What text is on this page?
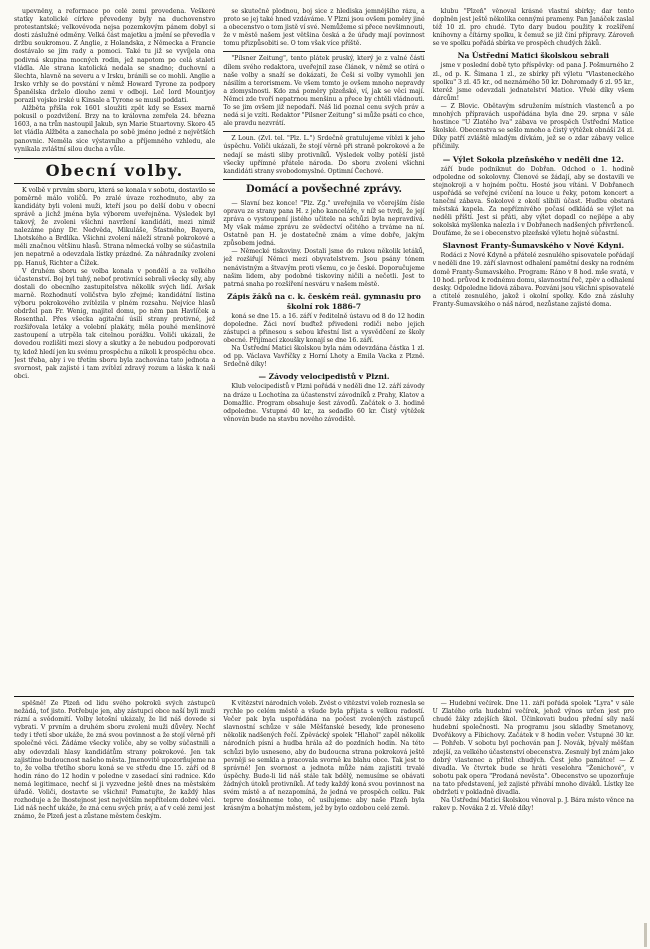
upevněny, a reformace po celé zemi provedena. Veškeré statky katolické církve převedeny byly na duchovenstvo protestantské; velkovévoda nejsa pozemkovým pánem dobyl si dosti záslužné odměny. Velká část majetku a jmění se převedla v držbu soukromou. Z Anglie, z Holandska, z Německa a Francie dostávalo se jim rady a pomoci. Také tu již se vyvíjela ona podivná skupina mocných rodin, jež napotom po celá staletí vládla. Ale strana katolická nedala se snadno; duchovní a šlechta, hlavně na severu a v Irsku, bránili se co mohli. Anglie a Irsko vrhly se do povstání v němž Howard Tyrone za podpory Španělska drželo dlouho zemi v odboji. Leč lord Mountjoy porazil vojsko irské u Kinsale a Tyrone se musil poddati.

Alžběta přišla rok 1601 sloužiti zpět kdy se Essex marně pokusil o pozdvižení. Brzy na to královna zemřela 24. března 1603, a na trůn nastoupil Jakub, syn Marie Stuartovny. Skoro 45 let vládla Alžběta a zanechala po sobě jméno jedné z největších panovnic. Neměla sice výstavního a příjemného vzhledu, ale vynikala zvláštní silou ducha a vůle.

Obecní volby.

K volbě v prvním sboru, která se konala v sobotu, dostavilo se poměrně málo voličů. Po zralé úvaze rozhodnuto, aby za kandidáty byli voleni muži, kteří jsou po delší dobu v obecní správě a jichž jména byla výborem uveřejněna. Výsledek byl takový, že zvoleni všichni navržení kandidáti, mezi nimiž nalezáme pány Dr. Nedvěda, Mikuláše, Šťastného, Bayera, Lhotského a Brdlíka. Všichni zvolení náleží straně pokrokové a měli značnou většinu hlasů. Strana německá volby se súčastnila jen nepatrně a odevzdala lístky prázdné. Za náhradníky zvoleni pp. Hanuš, Richter a Čížek.

V druhém sboru se volba konala v pondělí a za velkého účastenství. Boj byl tuhý, neboť protivníci sebrali všecky síly, aby dostali do obecního zastupitelstva několik svých lidí. Avšak marně. Rozhodnutí voličstva bylo zřejmé; kandidátní listina výboru pokrokového zvítězila v plném rozsahu. Nejvíce hlasů obdržel pan Fr. Wenig, majitel domu, po něm pan Havlíček a Rosenthal. Přes všecka agitační úsilí strany protivné, jež rozšiřovala letáky a volební plakáty, měla pouhé menšinové zastoupení a utrpěla tak citelnou porážku. Voliči ukázali, že dovedou rozlišiti mezi slovy a skutky a že nebudou podporovati ty, kdož hledí jen ku svému prospěchu a nikoli k prospěchu obce. Jest třeba, aby i ve třetím sboru byla zachována tato jednota a svornost, pak zajisté i tam zvítězí zdravý rozum a láska k naší obci.

se skutečně plodnou, boj sice z hlediska jemnějšího rázu, a proto se jej také hned vzdáváme. V Plzni jsou ovšem poměry jiné a obecenstvo o tom jistě ví své. Nemůžeme si přece nevšimnouti, že v městě našem jest většina česká a že úřady mají povinnost tomu přizpůsobiti se. O tom však více příště.

"Pilsner Zeitung", tento plátek pruský, který je z valné části dílem svého redaktora, uveřejnil zase článek, v němž se otírá o naše volby a snaží se dokázati, že Češi si volby vymohli jen násilím a terorismem. Ve všem tomto je ovšem mnoho nepravdy a zlomyslnosti. Kdo zná poměry plzeňské, ví, jak se věci mají. Němci zde tvoří nepatrnou menšinu a přece by chtěli vládnouti. To se jim ovšem již nepodaří. Náš lid poznal cenu svých práv a nedá si je vzíti. Redaktor "Pilsner Zeitung" si může psáti co chce, ale pravdu nezvrátí.

Z Loun. (Zvl. tel. "Plz. L.") Srdečně gratulujeme vítězi k jeho úspěchu. Voliči ukázali, že stojí věrně při straně pokrokové a že nedají se másti sliby protivníků. Výsledek volby potěší jistě všecky upřímné přátele národa. Do sboru zvoleni všichni kandidáti strany svobodomyslné. Optimní Čechové.

Domácí a povšechné zprávy.

— Slavní bez konce! "Plz. Zg." uveřejnila ve včerejším čísle opravu ze strany pana H. z jeho kanceláře, v níž se tvrdí, že její zpráva o vystoupení jistého učitele na schůzi byla nepravdivá. My však máme zprávu ze svědectví očitého a trváme na ní. Ostatně pan H. je dostatečně znám a víme dobře, jakým způsobem jedná.

— Německé tiskoviny. Dostali jsme do rukou několik letáků, jež rozšiřují Němci mezi obyvatelstvem. Jsou psány tónem nenávistným a štvavým proti všemu, co je české. Doporučujeme našim lidem, aby podobné tiskoviny ničili a nečetli. Jest to patrná snaha po rozšíření nesváru v našem městě.

Zápis žáků na c. k. českém reál. gymnasiu pro školní rok 1886-7

koná se dne 15. a 16. září v ředitelně ústavu od 8 do 12 hodin dopoledne. Žáci noví buďtež přivedeni rodiči nebo jejich zástupci a přinesou s sebou křestní list a vysvědčení ze školy obecné. Přijímací zkoušky konají se dne 16. září.

Na Ústřední Matici školskou byla nám odevzdána částka 1 zl. od pp. Václava Vavříčky z Horní Lhoty a Emila Vacka z Plzně. Srdečně díky!

— Závody velocipedistů v Plzni.

Klub velocipedistů v Plzni pořádá v neděli dne 12. září závody na dráze u Lochotína za účastenství závodníků z Prahy, Klatov a Domažlic. Program obsahuje šest závodů. Začátek o 3. hodině odpoledne. Vstupné 40 kr., za sedadlo 60 kr. Čistý výtěžek věnován bude na stavbu nového závodiště.

klubu "Plzeň" věnoval krásné vlastní sbírky; dar tento doplněn jest ještě několika cennými prameny. Pan Janáček zaslal též 10 zl. pro chudé. Tyto dary budou použity k rozšíření knihovny a čítárny spolku, k čemuž se již činí přípravy. Zároveň se ve spolku pořádá sbírka ve prospěch chudých žáků.

Na Ústřední Matici školskou sebrali

jsme v poslední době tyto příspěvky: od pana J. Pošmurného 2 zl., od p. K. Šimana 1 zl., ze sbírky při výletu "Vlasteneckého spolku" 3 zl. 45 kr., od neznámého 50 kr. Dohromady 6 zl. 95 kr., kteréž jsme odevzdali jednatelství Matice. Vřelé díky všem dárcům!

— Z Blovic. Obětavým sdružením místních vlastenců a po mnohých přípravách uspořádána byla dne 29. srpna v sále hostince "U Zlatého lva" zábava ve prospěch Ústřední Matice školské. Obecenstva se sešlo mnoho a čistý výtěžek obnáší 24 zl. Díky patří zvláště mladým dívkám, jež se o zdar zábavy velice přičinily.

— Výlet Sokola plzeňského v neděli dne 12.

září bude podniknut do Dobřan. Odchod o 1. hodině odpoledne od sokolovny. Členové se žádají, aby se dostavili ve stejnokroji a v hojném počtu. Hosté jsou vítáni. V Dobřanech uspořádá se veřejné cvičení na louce u řeky, potom koncert a taneční zábava. Sokolové z okolí slíbili účast. Hudbu obstará městská kapela. Za nepříznivého počasí odkládá se výlet na neděli příští. Jest si přáti, aby výlet dopadl co nejlépe a aby sokolská myšlenka nalezla i v Dobřanech nadšených přívrženců. Doufáme, že se i obecenstvo plzeňské výletu hojně súčastní.

Slavnost Franty-Šumavského v Nové Kdyni.

Rodáci z Nové Kdyně a přátelé zesnulého spisovatele pořádají v neděli dne 19. září slavnost odhalení pamětní desky na rodném domě Franty-Šumavského. Program: Ráno v 8 hod. mše svatá, v 10 hod. průvod k rodnému domu, slavnostní řeč, zpěv a odhalení desky. Odpoledne lidová zábava. Pozváni jsou všichni spisovatelé a ctitelé zesnulého, jakož i okolní spolky. Kdo zná zásluhy Franty-Šumavského o náš národ, nezůstane zajisté doma.

spěšně! Že Plzeň od lidu svého pokroků svých zástupců nežádá, toť jisto. Potřebuje jen, aby zástupci obce naší byli muži rázní a svědomití. Volby letošní ukázaly, že lid náš dovede si vybrati. V prvním a druhém sboru zvoleni muži důvěry. Nechť tedy i třetí sbor ukáže, že zná svou povinnost a že stojí věrně při společné věci. Žádáme všecky voliče, aby se volby súčastnili a aby odevzdali hlasy kandidátům strany pokrokové. Jen tak zajistíme budoucnost našeho města. Jmenovitě upozorňujeme na to, že volba třetího sboru koná se ve středu dne 15. září od 8 hodin ráno do 12 hodin v poledne v zasedací síni radnice. Kdo nemá legitimace, nechť si ji vyzvedne ještě dnes na městském úřadě. Voliči, dostavte se všichni! Pamatujte, že každý hlas rozhoduje a že lhostejnost jest největším nepřítelem dobré věci. Lid náš nechť ukáže, že zná cenu svých práv, a ať v celé zemi jest známo, že Plzeň jest a zůstane městem českým.

K vítězství národních voleb. Zvěst o vítězství voleb roznesla se rychle po celém městě a všude byla přijata s velkou radostí. Večer pak byla uspořádána na počest zvolených zástupců slavnostní schůze v sále Měšťanské besedy, kde proneseno několik nadšených řečí. Zpěvácký spolek "Hlahol" zapěl několik národních písní a hudba hrála až do pozdních hodin. Na této schůzi bylo usneseno, aby do budoucna strana pokroková ještě pevněji se semkla a pracovala svorně ku blahu obce. Tak jest to správné! Jen svornost a jednota může nám zajistiti trvalé úspěchy. Bude-li lid náš stále tak bdělý, nemusíme se obávati žádných útoků protivníků. Ať tedy každý koná svou povinnost na svém místě a ať nezapomíná, že jedná ve prospěch celku. Pak teprve dosáhneme toho, oč usilujeme: aby naše Plzeň byla krásným a bohatým městem, jež by bylo ozdobou celé země.

— Hudební večírek. Dne 11. září pořádá spolek "Lyra" v sále U Zlatého orla hudební večírek, jehož výnos určen jest pro chudé žáky zdejších škol. Účinkovati budou přední síly naší hudební společnosti. Na programu jsou skladby Smetanovy, Dvořákovy a Fibichovy. Začátek v 8 hodin večer. Vstupné 30 kr. — Pohřeb. V sobotu byl pochován pan J. Novák, bývalý měšťan zdejší, za velkého účastenství obecenstva. Zesnulý byl znám jako dobrý vlastenec a přítel chudých. Čest jeho památce! — Z divadla. Ve čtvrtek bude se hráti veselohra "Ženichové", v sobotu pak opera "Prodaná nevěsta". Obecenstvo se upozorňuje na tato představení, jež zajisté přivábí mnoho diváků. Lístky lze obdržeti v pokladně divadla.

Na Ústřední Matici školskou věnoval p. J. Bára místo věnce na rakev p. Nováka 2 zl. Vřelé díky!
